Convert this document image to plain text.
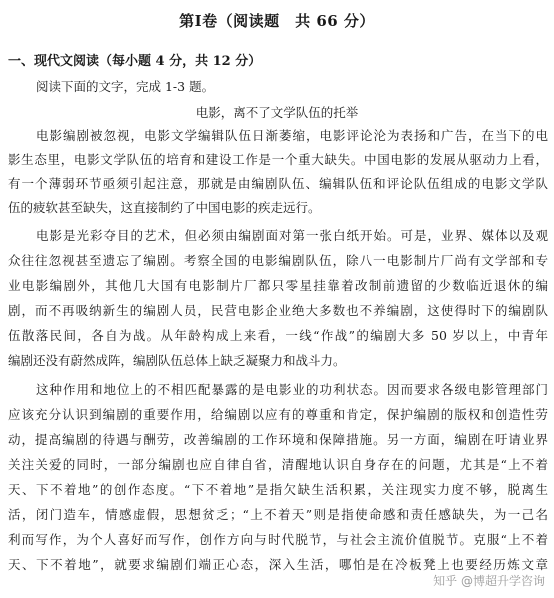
第Ⅰ卷（阅读题　共 66 分）
一、现代文阅读（每小题 4 分，共 12 分）
阅读下面的文字，完成 1-3 题。
电影，离不了文学队伍的托举
电影编剧被忽视，电影文学编辑队伍日渐萎缩，电影评论沦为表扬和广告，在当下的电
影生态里，电影文学队伍的培育和建设工作是一个重大缺失。中国电影的发展从驱动力上看，
有一个薄弱环节亟须引起注意，那就是由编剧队伍、编辑队伍和评论队伍组成的电影文学队
伍的疲软甚至缺失，这直接制约了中国电影的疾走远行。
电影是光彩夺目的艺术，但必须由编剧面对第一张白纸开始。可是，业界、媒体以及观
众往往忽视甚至遗忘了编剧。考察全国的电影编剧队伍，除八一电影制片厂尚有文学部和专
业电影编剧外，其他几大国有电影制片厂都只零星挂靠着改制前遗留的少数临近退休的编
剧，而不再吸纳新生的编剧人员，民营电影企业绝大多数也不养编剧，这使得时下的编剧队
伍散落民间，各自为战。从年龄构成上来看，一线“作战”的编剧大多 50 岁以上，中青年
编剧还没有蔚然成阵，编剧队伍总体上缺乏凝聚力和战斗力。
这种作用和地位上的不相匹配暴露的是电影业的功利状态。因而要求各级电影管理部门
应该充分认识到编剧的重要作用，给编剧以应有的尊重和肯定，保护编剧的版权和创造性劳
动，提高编剧的待遇与酬劳，改善编剧的工作环境和保障措施。另一方面，编剧在吁请业界
关注关爱的同时，一部分编剧也应自律自省，清醒地认识自身存在的问题，尤其是“上不着
天、下不着地”的创作态度。“下不着地”是指欠缺生活积累，关注现实力度不够，脱离生
活，闭门造车，情感虚假，思想贫乏；“上不着天”则是指使命感和责任感缺失，为一己名
利而写作，为个人喜好而写作，创作方向与时代脱节，与社会主流价值脱节。克服“上不着
天、下不着地”，就要求编剧们端正心态，深入生活，哪怕是在冷板凳上也要经历炼文章
知乎 @博超升学咨询
